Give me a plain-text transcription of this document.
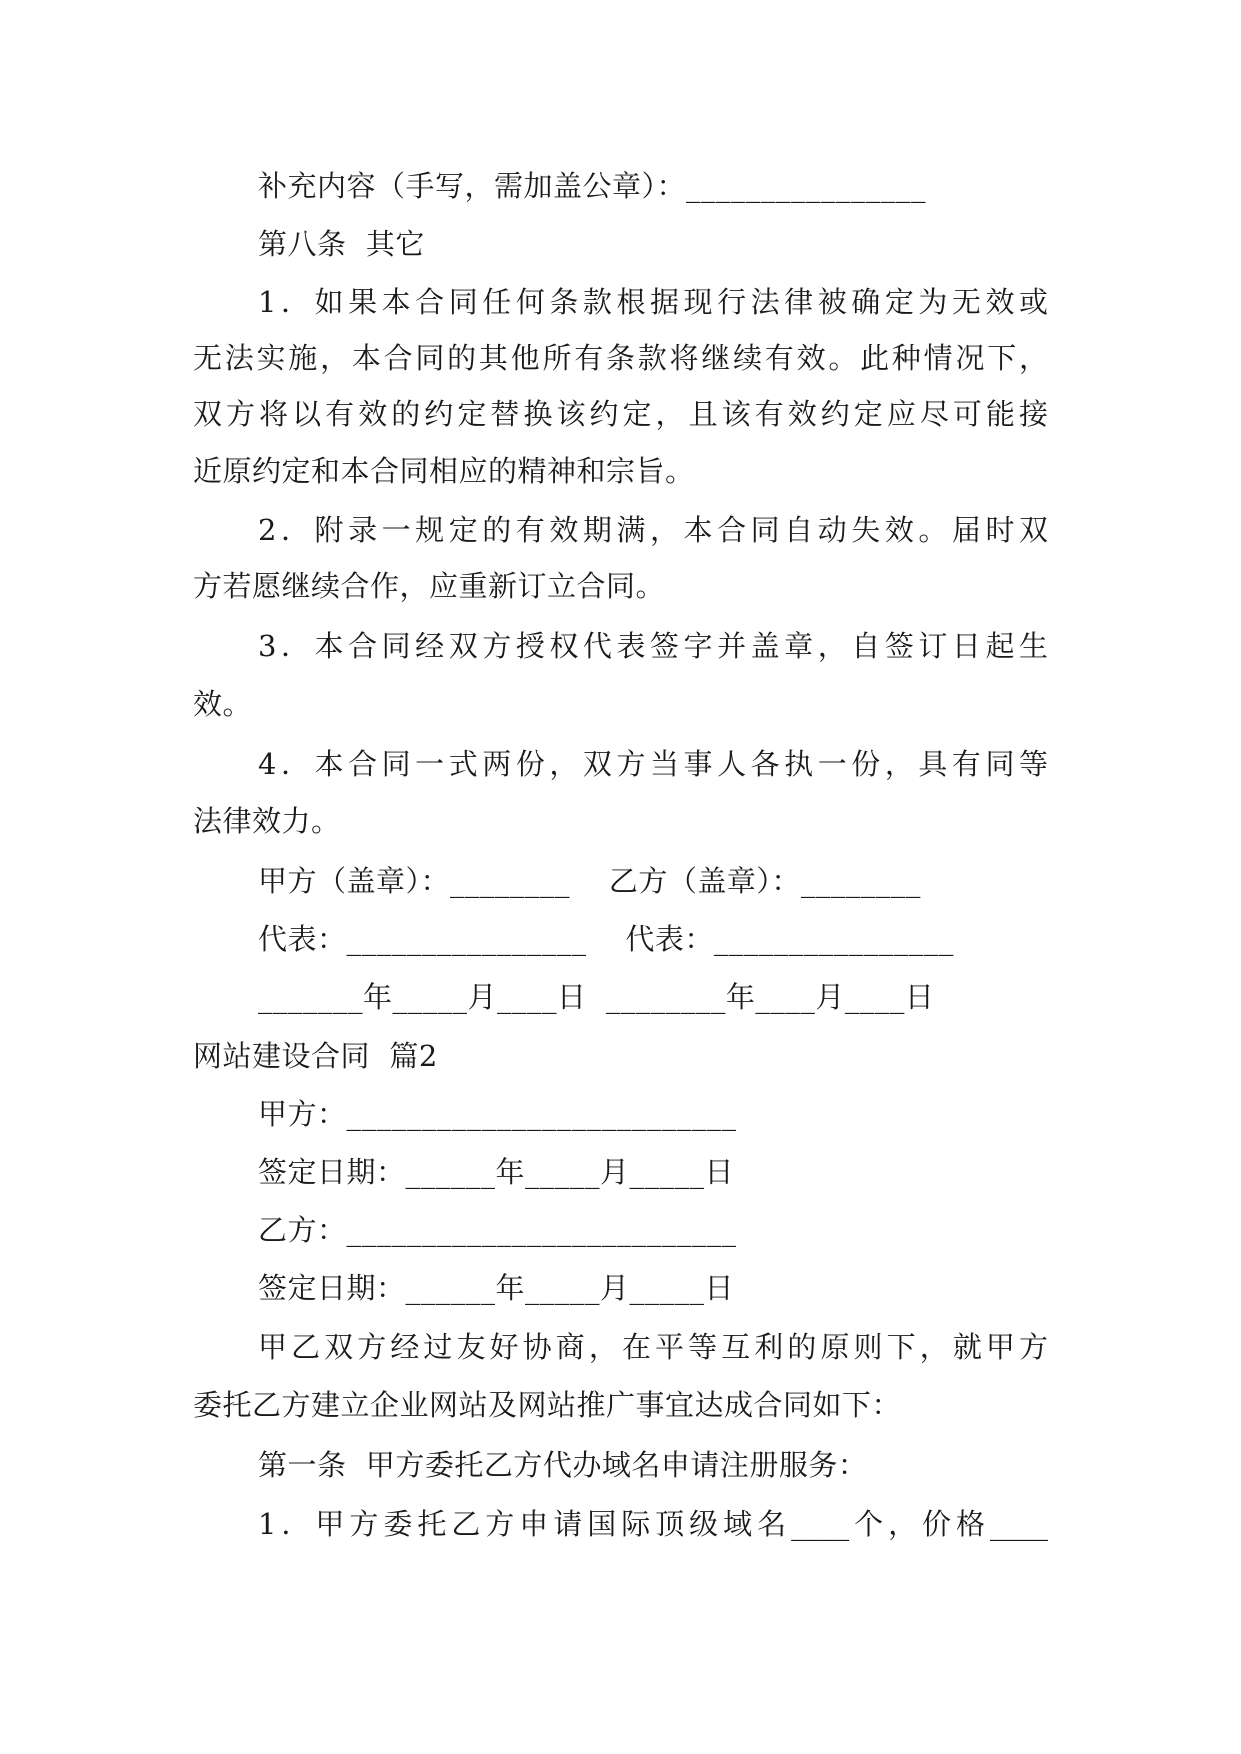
补充内容（手写，需加盖公章）：________________
第八条  其它
1．如果本合同任何条款根据现行法律被确定为无效或
无法实施，本合同的其他所有条款将继续有效。此种情况下，
双方将以有效的约定替换该约定，且该有效约定应尽可能接
近原约定和本合同相应的精神和宗旨。
2．附录一规定的有效期满，本合同自动失效。届时双
方若愿继续合作，应重新订立合同。
3．本合同经双方授权代表签字并盖章，自签订日起生
效。
4．本合同一式两份，双方当事人各执一份，具有同等
法律效力。
甲方（盖章）：________    乙方（盖章）：________
代表：________________    代表：________________
_______年_____月____日  ________年____月____日
网站建设合同  篇2
甲方：__________________________
签定日期：______年_____月_____日
乙方：__________________________
签定日期：______年_____月_____日
甲乙双方经过友好协商，在平等互利的原则下，就甲方
委托乙方建立企业网站及网站推广事宜达成合同如下：
第一条  甲方委托乙方代办域名申请注册服务：
1．甲方委托乙方申请国际顶级域名____个，价格____
